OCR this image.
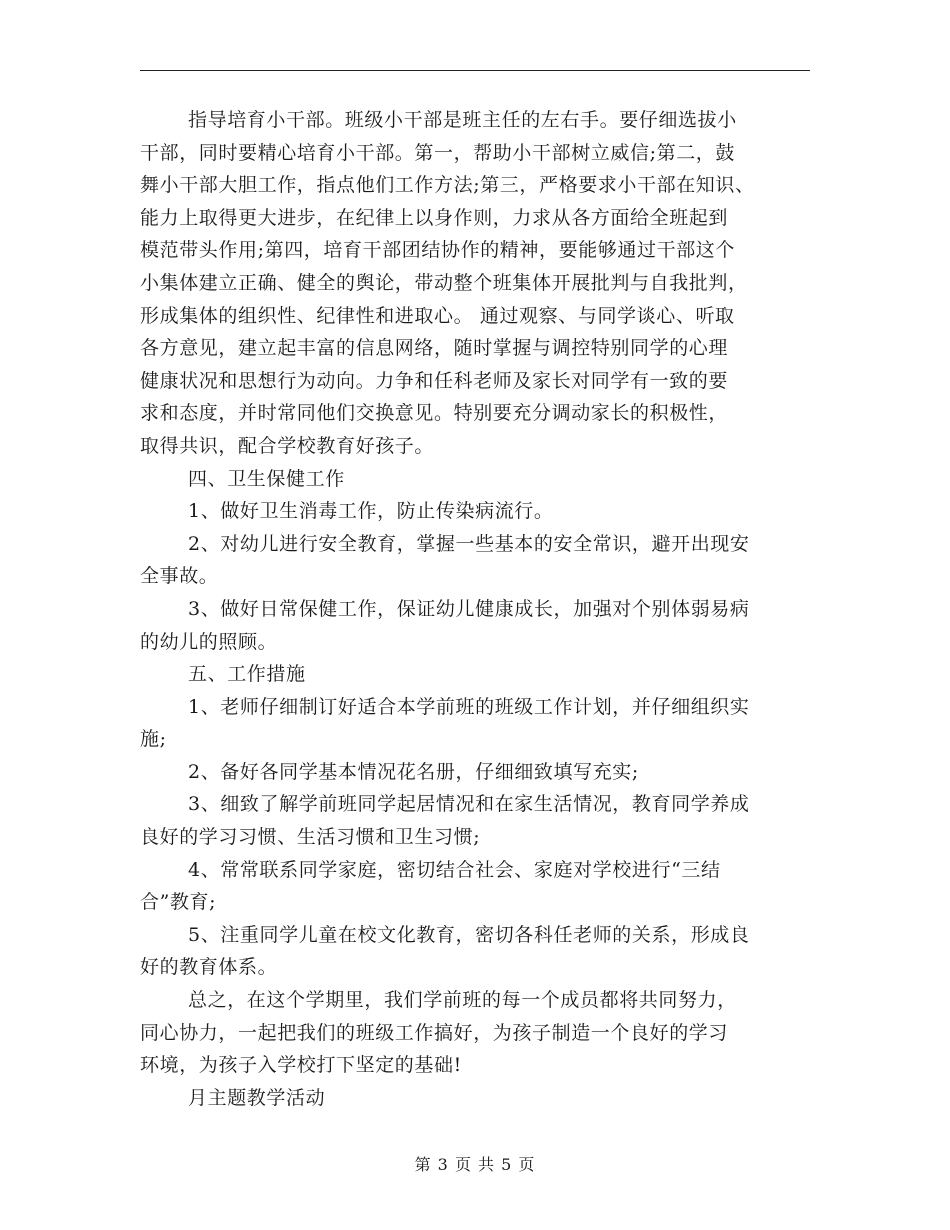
指导培育小干部。班级小干部是班主任的左右手。要仔细选拔小
干部，同时要精心培育小干部。第一，帮助小干部树立威信;第二，鼓
舞小干部大胆工作，指点他们工作方法;第三，严格要求小干部在知识、
能力上取得更大进步，在纪律上以身作则，力求从各方面给全班起到
模范带头作用;第四，培育干部团结协作的精神，要能够通过干部这个
小集体建立正确、健全的舆论，带动整个班集体开展批判与自我批判，
形成集体的组织性、纪律性和进取心。 通过观察、与同学谈心、听取
各方意见，建立起丰富的信息网络，随时掌握与调控特别同学的心理
健康状况和思想行为动向。力争和任科老师及家长对同学有一致的要
求和态度，并时常同他们交换意见。特别要充分调动家长的积极性，
取得共识，配合学校教育好孩子。
四、卫生保健工作
1、做好卫生消毒工作，防止传染病流行。
2、对幼儿进行安全教育，掌握一些基本的安全常识，避开出现安
全事故。
3、做好日常保健工作，保证幼儿健康成长，加强对个别体弱易病
的幼儿的照顾。
五、工作措施
1、老师仔细制订好适合本学前班的班级工作计划，并仔细组织实
施;
2、备好各同学基本情况花名册，仔细细致填写充实;
3、细致了解学前班同学起居情况和在家生活情况，教育同学养成
良好的学习习惯、生活习惯和卫生习惯;
4、常常联系同学家庭，密切结合社会、家庭对学校进行“三结
合”教育;
5、注重同学儿童在校文化教育，密切各科任老师的关系，形成良
好的教育体系。
总之，在这个学期里，我们学前班的每一个成员都将共同努力，
同心协力，一起把我们的班级工作搞好，为孩子制造一个良好的学习
环境，为孩子入学校打下坚定的基础!
月主题教学活动
第 3 页 共 5 页
